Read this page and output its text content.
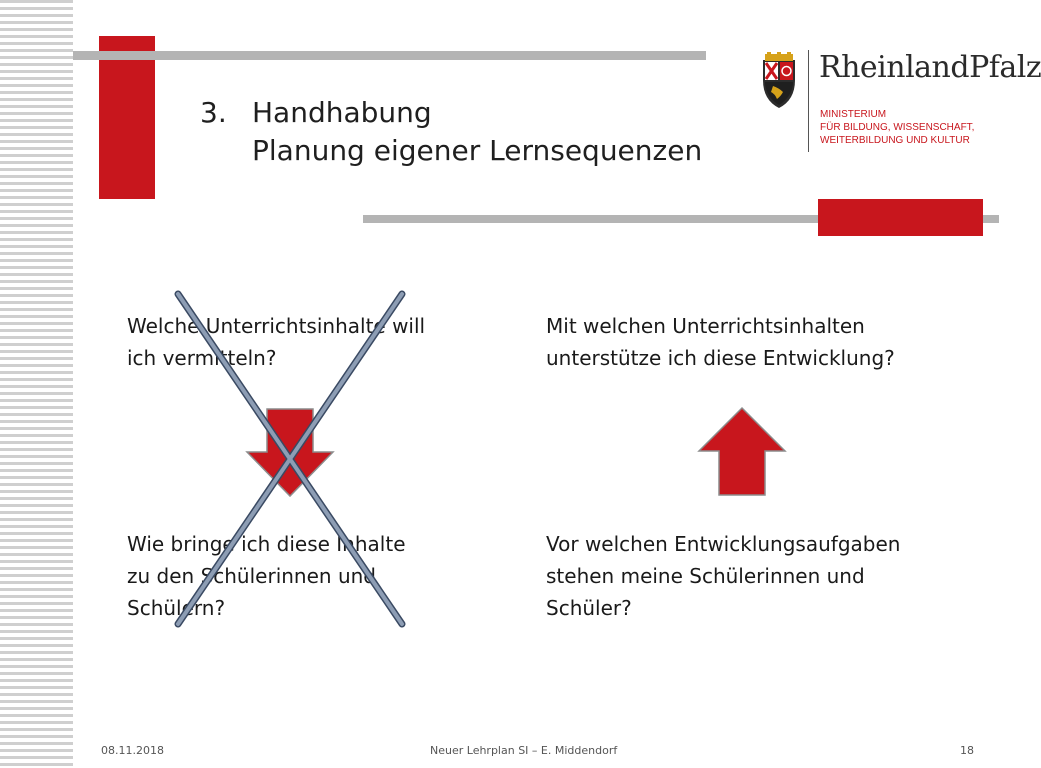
3. Handhabung
Planung eigener Lernsequenzen
RheinlandPfalz
MINISTERIUM
FÜR BILDUNG, WISSENSCHAFT,
WEITERBILDUNG UND KULTUR
Welche Unterrichtsinhalte will
ich vermitteln?
Wie bringe ich diese Inhalte
zu den Schülerinnen und
Schülern?
Mit welchen Unterrichtsinhalten
unterstütze ich diese Entwicklung?
Vor welchen Entwicklungsaufgaben
stehen meine Schülerinnen und
Schüler?
08.11.2018	Neuer Lehrplan SI – E. Middendorf	18
